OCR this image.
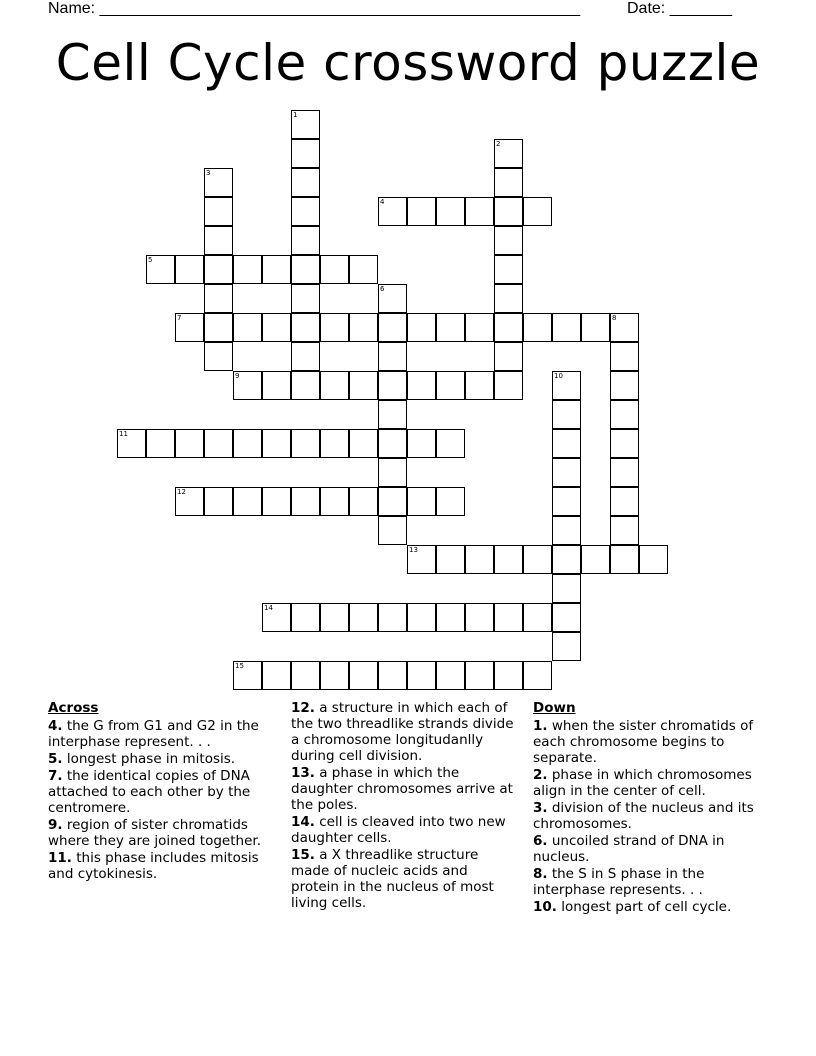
Name: ______________________________________________________	Date: _______
Cell Cycle crossword puzzle
1
2
3
4
5
6
7	8
9	10
11
12
13
14
15
Across
4. the G from G1 and G2 in the interphase represent. . .
5. longest phase in mitosis.
7. the identical copies of DNA attached to each other by the centromere.
9. region of sister chromatids where they are joined together.
11. this phase includes mitosis and cytokinesis.
12. a structure in which each of the two threadlike strands divide a chromosome longitudanlly during cell division.
13. a phase in which the daughter chromosomes arrive at the poles.
14. cell is cleaved into two new daughter cells.
15. a X threadlike structure made of nucleic acids and protein in the nucleus of most living cells.
Down
1. when the sister chromatids of each chromosome begins to separate.
2. phase in which chromosomes align in the center of cell.
3. division of the nucleus and its chromosomes.
6. uncoiled strand of DNA in nucleus.
8. the S in S phase in the interphase represents. . .
10. longest part of cell cycle.
